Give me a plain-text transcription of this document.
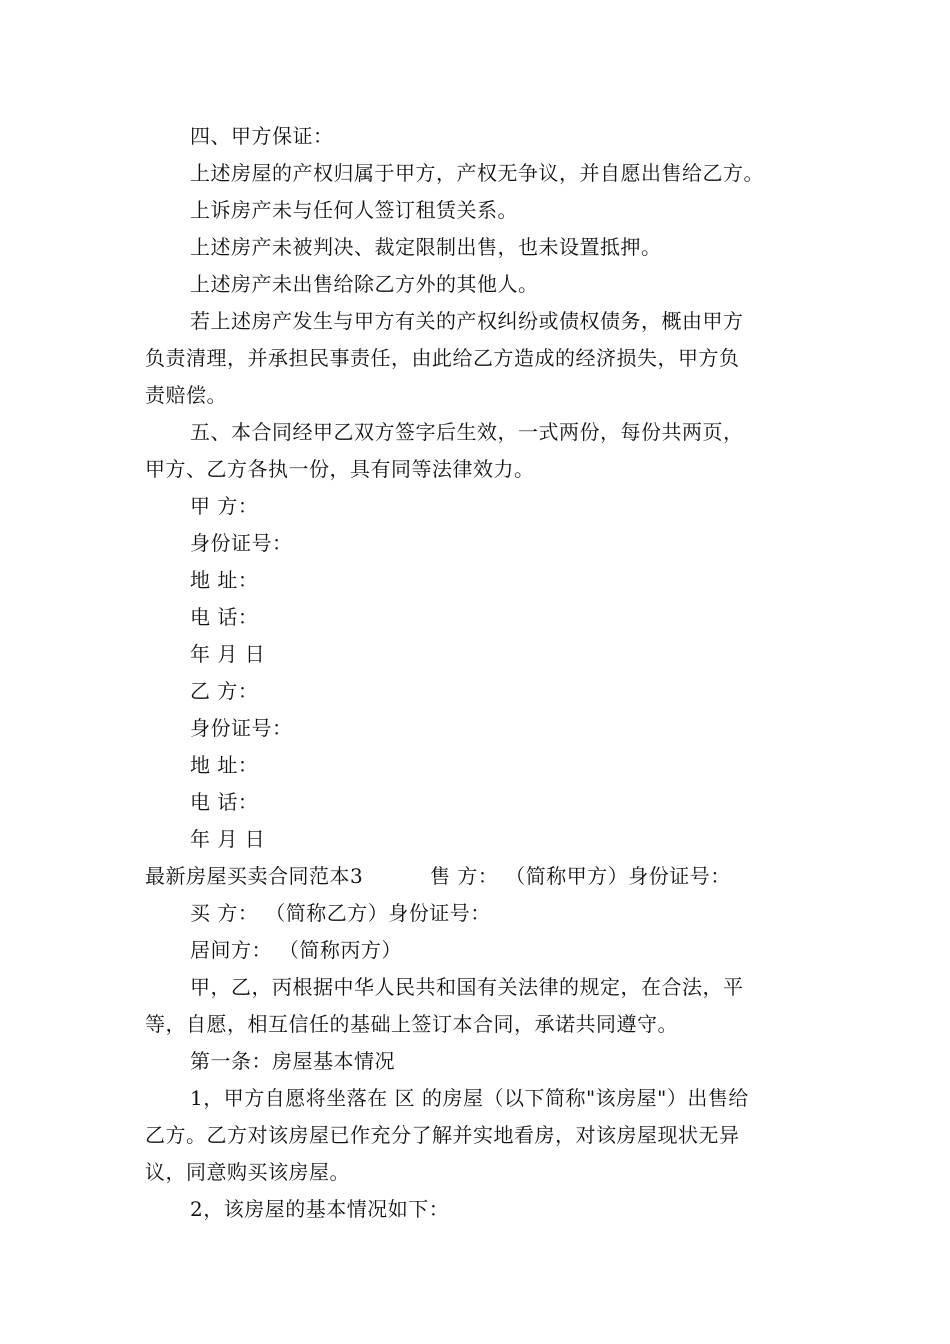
四、甲方保证：
上述房屋的产权归属于甲方，产权无争议，并自愿出售给乙方。
上诉房产未与任何人签订租赁关系。
上述房产未被判决、裁定限制出售，也未设置抵押。
上述房产未出售给除乙方外的其他人。
若上述房产发生与甲方有关的产权纠纷或债权债务，概由甲方
负责清理，并承担民事责任，由此给乙方造成的经济损失，甲方负
责赔偿。
五、本合同经甲乙双方签字后生效，一式两份，每份共两页，
甲方、乙方各执一份，具有同等法律效力。
甲 方：
身份证号：
地 址：
电 话：
年 月 日
乙 方：
身份证号：
地 址：
电 话：
年 月 日
最新房屋买卖合同范本3	售 方： （简称甲方）身份证号：
买 方： （简称乙方）身份证号：
居间方： （简称丙方）
甲，乙，丙根据中华人民共和国有关法律的规定，在合法，平
等，自愿，相互信任的基础上签订本合同，承诺共同遵守。
第一条：房屋基本情况
1，甲方自愿将坐落在 区 的房屋（以下简称"该房屋"）出售给
乙方。乙方对该房屋已作充分了解并实地看房，对该房屋现状无异
议，同意购买该房屋。
2，该房屋的基本情况如下：
